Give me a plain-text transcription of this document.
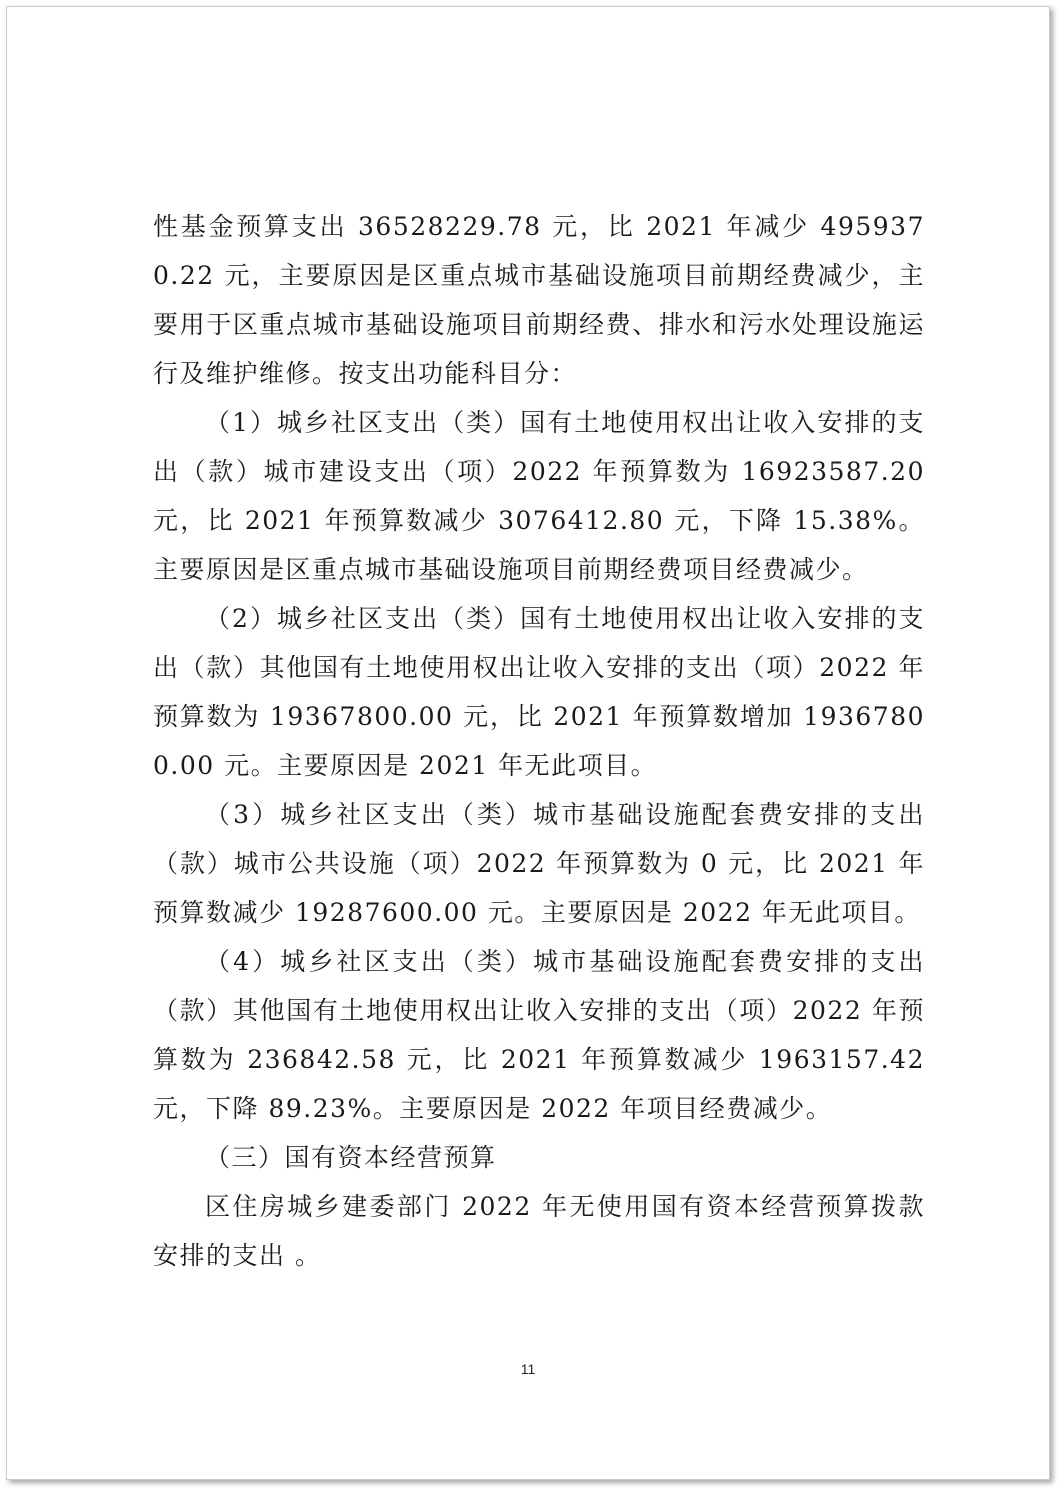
性基金预算支出 36528229.78 元，比 2021 年减少 4959370.22 元，主要原因是区重点城市基础设施项目前期经费减少，主要用于区重点城市基础设施项目前期经费、排水和污水处理设施运行及维护维修。按支出功能科目分：

（1）城乡社区支出（类）国有土地使用权出让收入安排的支出（款）城市建设支出（项）2022 年预算数为 16923587.20 元，比 2021 年预算数减少 3076412.80 元，下降 15.38%。主要原因是区重点城市基础设施项目前期经费项目经费减少。

（2）城乡社区支出（类）国有土地使用权出让收入安排的支出（款）其他国有土地使用权出让收入安排的支出（项）2022 年预算数为 19367800.00 元，比 2021 年预算数增加 19367800.00 元。主要原因是 2021 年无此项目。

（3）城乡社区支出（类）城市基础设施配套费安排的支出（款）城市公共设施（项）2022 年预算数为 0 元，比 2021 年预算数减少 19287600.00 元。主要原因是 2022 年无此项目。

（4）城乡社区支出（类）城市基础设施配套费安排的支出（款）其他国有土地使用权出让收入安排的支出（项）2022 年预算数为 236842.58 元，比 2021 年预算数减少 1963157.42 元，下降 89.23%。主要原因是 2022 年项目经费减少。

（三）国有资本经营预算

区住房城乡建委部门 2022 年无使用国有资本经营预算拨款安排的支出 。

11
